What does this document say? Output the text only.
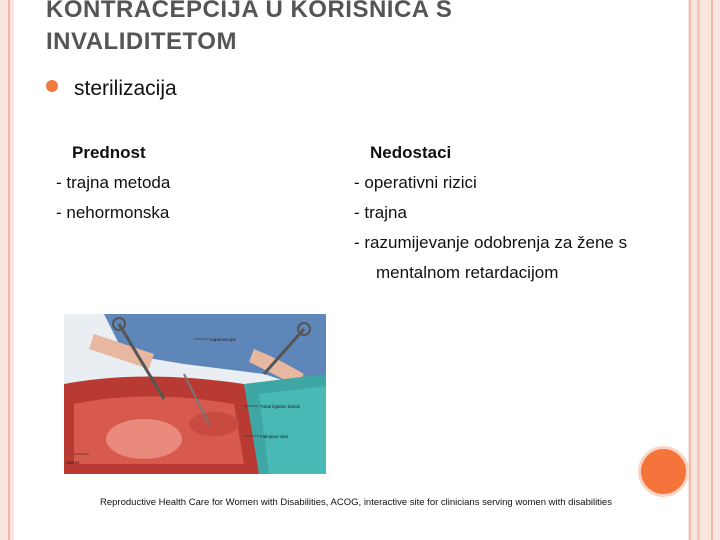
KONTRACEPCIJA U KORISNICA S
INVALIDITETOM
sterilizacija
Prednost
- trajna metoda
- nehormonska
Nedostaci
- operativni rizici
- trajna
- razumijevanje odobrenja za žene s
mentalnom retardacijom
Laparoscope
Tubal ligation bands
Fallopian tube
Uterus
Reproductive Health Care for Women with Disabilities, ACOG, interactive site for clinicians serving women with disabilities
